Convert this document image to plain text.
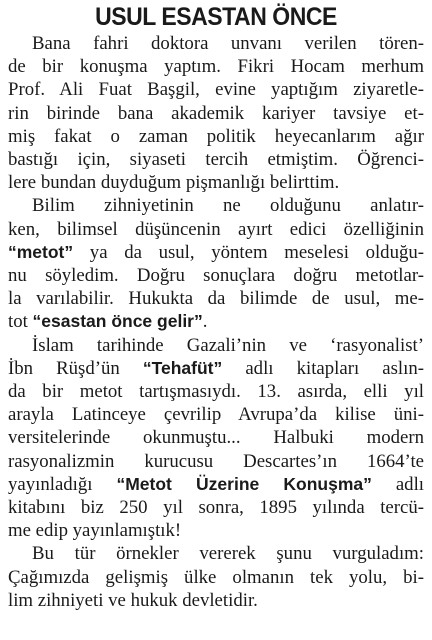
USUL ESASTAN ÖNCE

Bana fahri doktora unvanı verilen tören-
de bir konuşma yaptım. Fikri Hocam merhum
Prof. Ali Fuat Başgil, evine yaptığım ziyaretle-
rin birinde bana akademik kariyer tavsiye et-
miş fakat o zaman politik heyecanlarım ağır
bastığı için, siyaseti tercih etmiştim. Öğrenci-
lere bundan duyduğum pişmanlığı belirttim.

Bilim zihniyetinin ne olduğunu anlatır-
ken, bilimsel düşüncenin ayırt edici özelliğinin
“metot” ya da usul, yöntem meselesi olduğu-
nu söyledim. Doğru sonuçlara doğru metotlar-
la varılabilir. Hukukta da bilimde de usul, me-
tot “esastan önce gelir”.

İslam tarihinde Gazali’nin ve ‘rasyonalist’
İbn Rüşd’ün “Tehafüt” adlı kitapları aslın-
da bir metot tartışmasıydı. 13. asırda, elli yıl
arayla Latinceye çevrilip Avrupa’da kilise üni-
versitelerinde okunmuştu... Halbuki modern
rasyonalizmin kurucusu Descartes’ın 1664’te
yayınladığı “Metot Üzerine Konuşma” adlı
kitabını biz 250 yıl sonra, 1895 yılında tercü-
me edip yayınlamıştık!

Bu tür örnekler vererek şunu vurguladım:
Çağımızda gelişmiş ülke olmanın tek yolu, bi-
lim zihniyeti ve hukuk devletidir.
